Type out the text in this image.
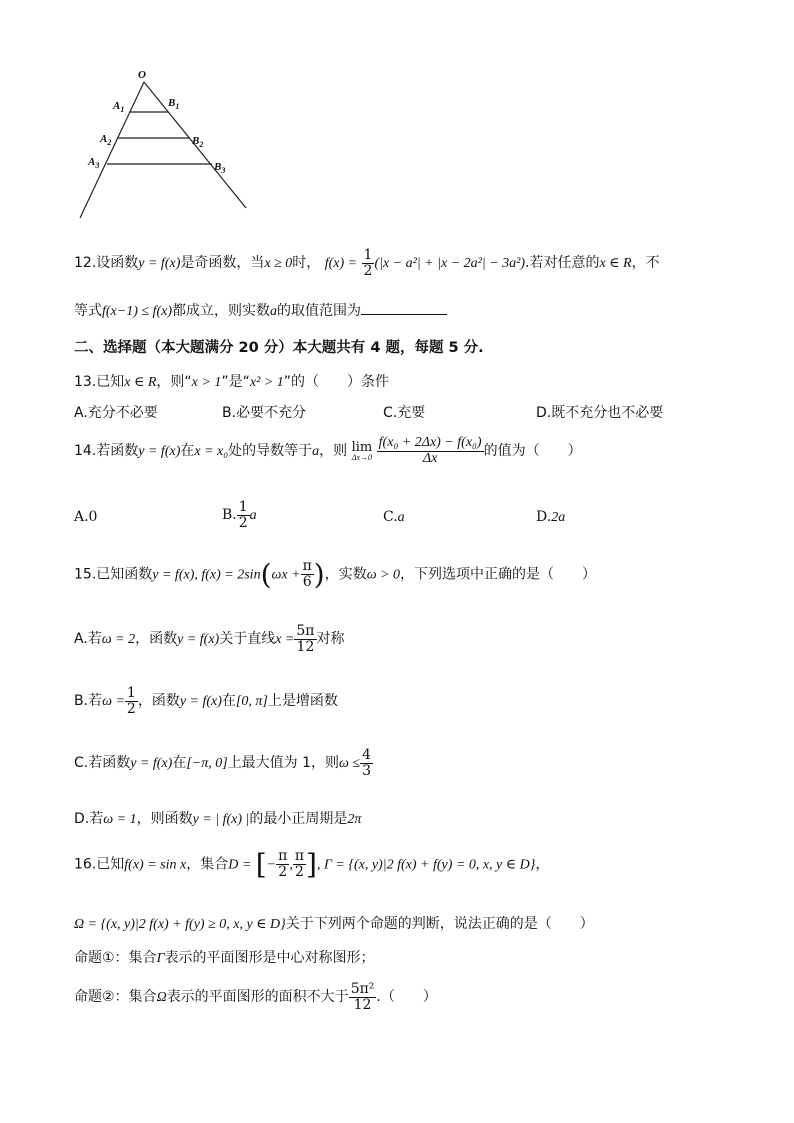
O
$A_1$
$B_1$
$A_2$	$B_2$
$A_3$	$B_3$
12.设函数y = f(x)是奇函数，当x ≥ 0时， $f(x) = \frac{1}{2} (|x - a^2| + |x - 2a^2| - 3a^2)$.若对任意的x ∈ R，不
等式f(x−1) ≤ f(x)都成立，则实数a的取值范围为
二、选择题（本大题满分 20 分）本大题共有 4 题，每题 5 分.
13.已知x ∈ R，则“x > 1”是“x² > 1”的（　　）条件
A.充分不必要	B.必要不充分	C.充要	D.既不充分也不必要
14.若函数y = f(x)在x = x₀处的导数等于a，则 lim
Δx→0
$\frac{\text{f(x₀ + 2Δx) − f(x₀)}}{\Delta x}$ 的值为（　　）
A.0	B. $\frac{1}{2}$ a	C.a	D.2a
15.已知函数y = f(x), $f(x) = 2\sin(\omega x + \frac{\pi}{6}$ )，实数ω > 0，下列选项中正确的是（　　）
A.若ω = 2，函数y = f(x)关于直线$x = \frac{5\pi}{12}$ 对称
B.若$\omega = \frac{1}{2}$ ，函数y = f(x)在[0, π]上是增函数
C.若函数y = f(x)在[−π, 0]上最大值为 1，则$\omega \le \frac{4}{3}$
D.若ω = 1，则函数y = | f(x) |的最小正周期是2π
16.已知f(x) = sin x，集合D = [− $\frac{\pi}{2}$ , $\frac{\pi}{2}$ ], Γ = {(x, y)|2 f(x) + f(y) = 0, x, y ∈ D}，
Ω = {(x, y)|2 f(x) + f(y) ≥ 0, x, y ∈ D}关于下列两个命题的判断，说法正确的是（　　）
命题①：集合Γ表示的平面图形是中心对称图形；
命题②：集合Ω表示的平面图形的面积不大于 $\frac{\text{5π²}}{12}$ .（　　）
